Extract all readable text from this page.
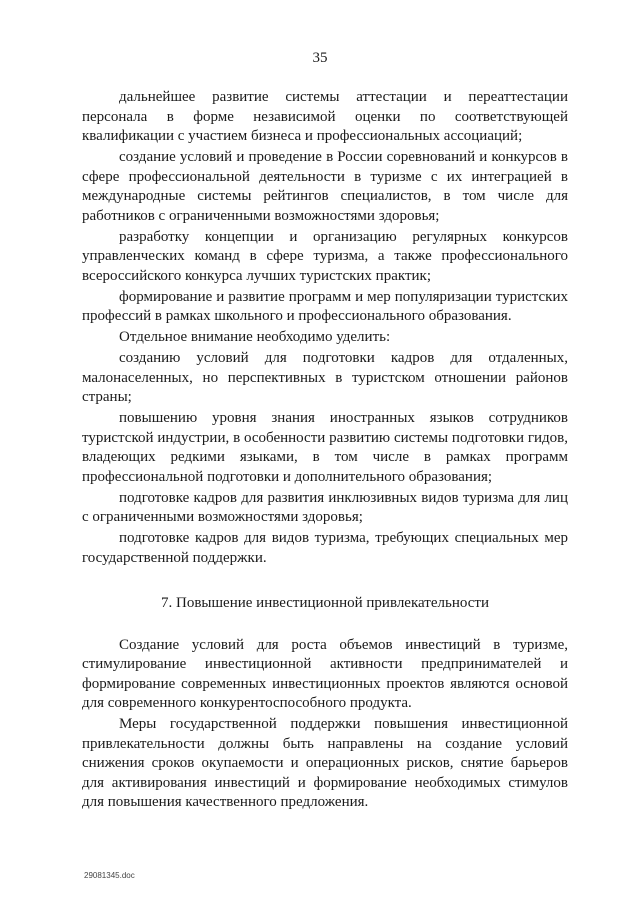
35

дальнейшее развитие системы аттестации и переаттестации персонала в форме независимой оценки по соответствующей квалификации с участием бизнеса и профессиональных ассоциаций;

создание условий и проведение в России соревнований и конкурсов в сфере профессиональной деятельности в туризме с их интеграцией в международные системы рейтингов специалистов, в том числе для работников с ограниченными возможностями здоровья;

разработку концепции и организацию регулярных конкурсов управленческих команд в сфере туризма, а также профессионального всероссийского конкурса лучших туристских практик;

формирование и развитие программ и мер популяризации туристских профессий в рамках школьного и профессионального образования.

Отдельное внимание необходимо уделить:

созданию условий для подготовки кадров для отдаленных, малонаселенных, но перспективных в туристском отношении районов страны;

повышению уровня знания иностранных языков сотрудников туристской индустрии, в особенности развитию системы подготовки гидов, владеющих редкими языками, в том числе в рамках программ профессиональной подготовки и дополнительного образования;

подготовке кадров для развития инклюзивных видов туризма для лиц с ограниченными возможностями здоровья;

подготовке кадров для видов туризма, требующих специальных мер государственной поддержки.

7. Повышение инвестиционной привлекательности

Создание условий для роста объемов инвестиций в туризме, стимулирование инвестиционной активности предпринимателей и формирование современных инвестиционных проектов являются основой для современного конкурентоспособного продукта.

Меры государственной поддержки повышения инвестиционной привлекательности должны быть направлены на создание условий снижения сроков окупаемости и операционных рисков, снятие барьеров для активирования инвестиций и формирование необходимых стимулов для повышения качественного предложения.

29081345.doc
